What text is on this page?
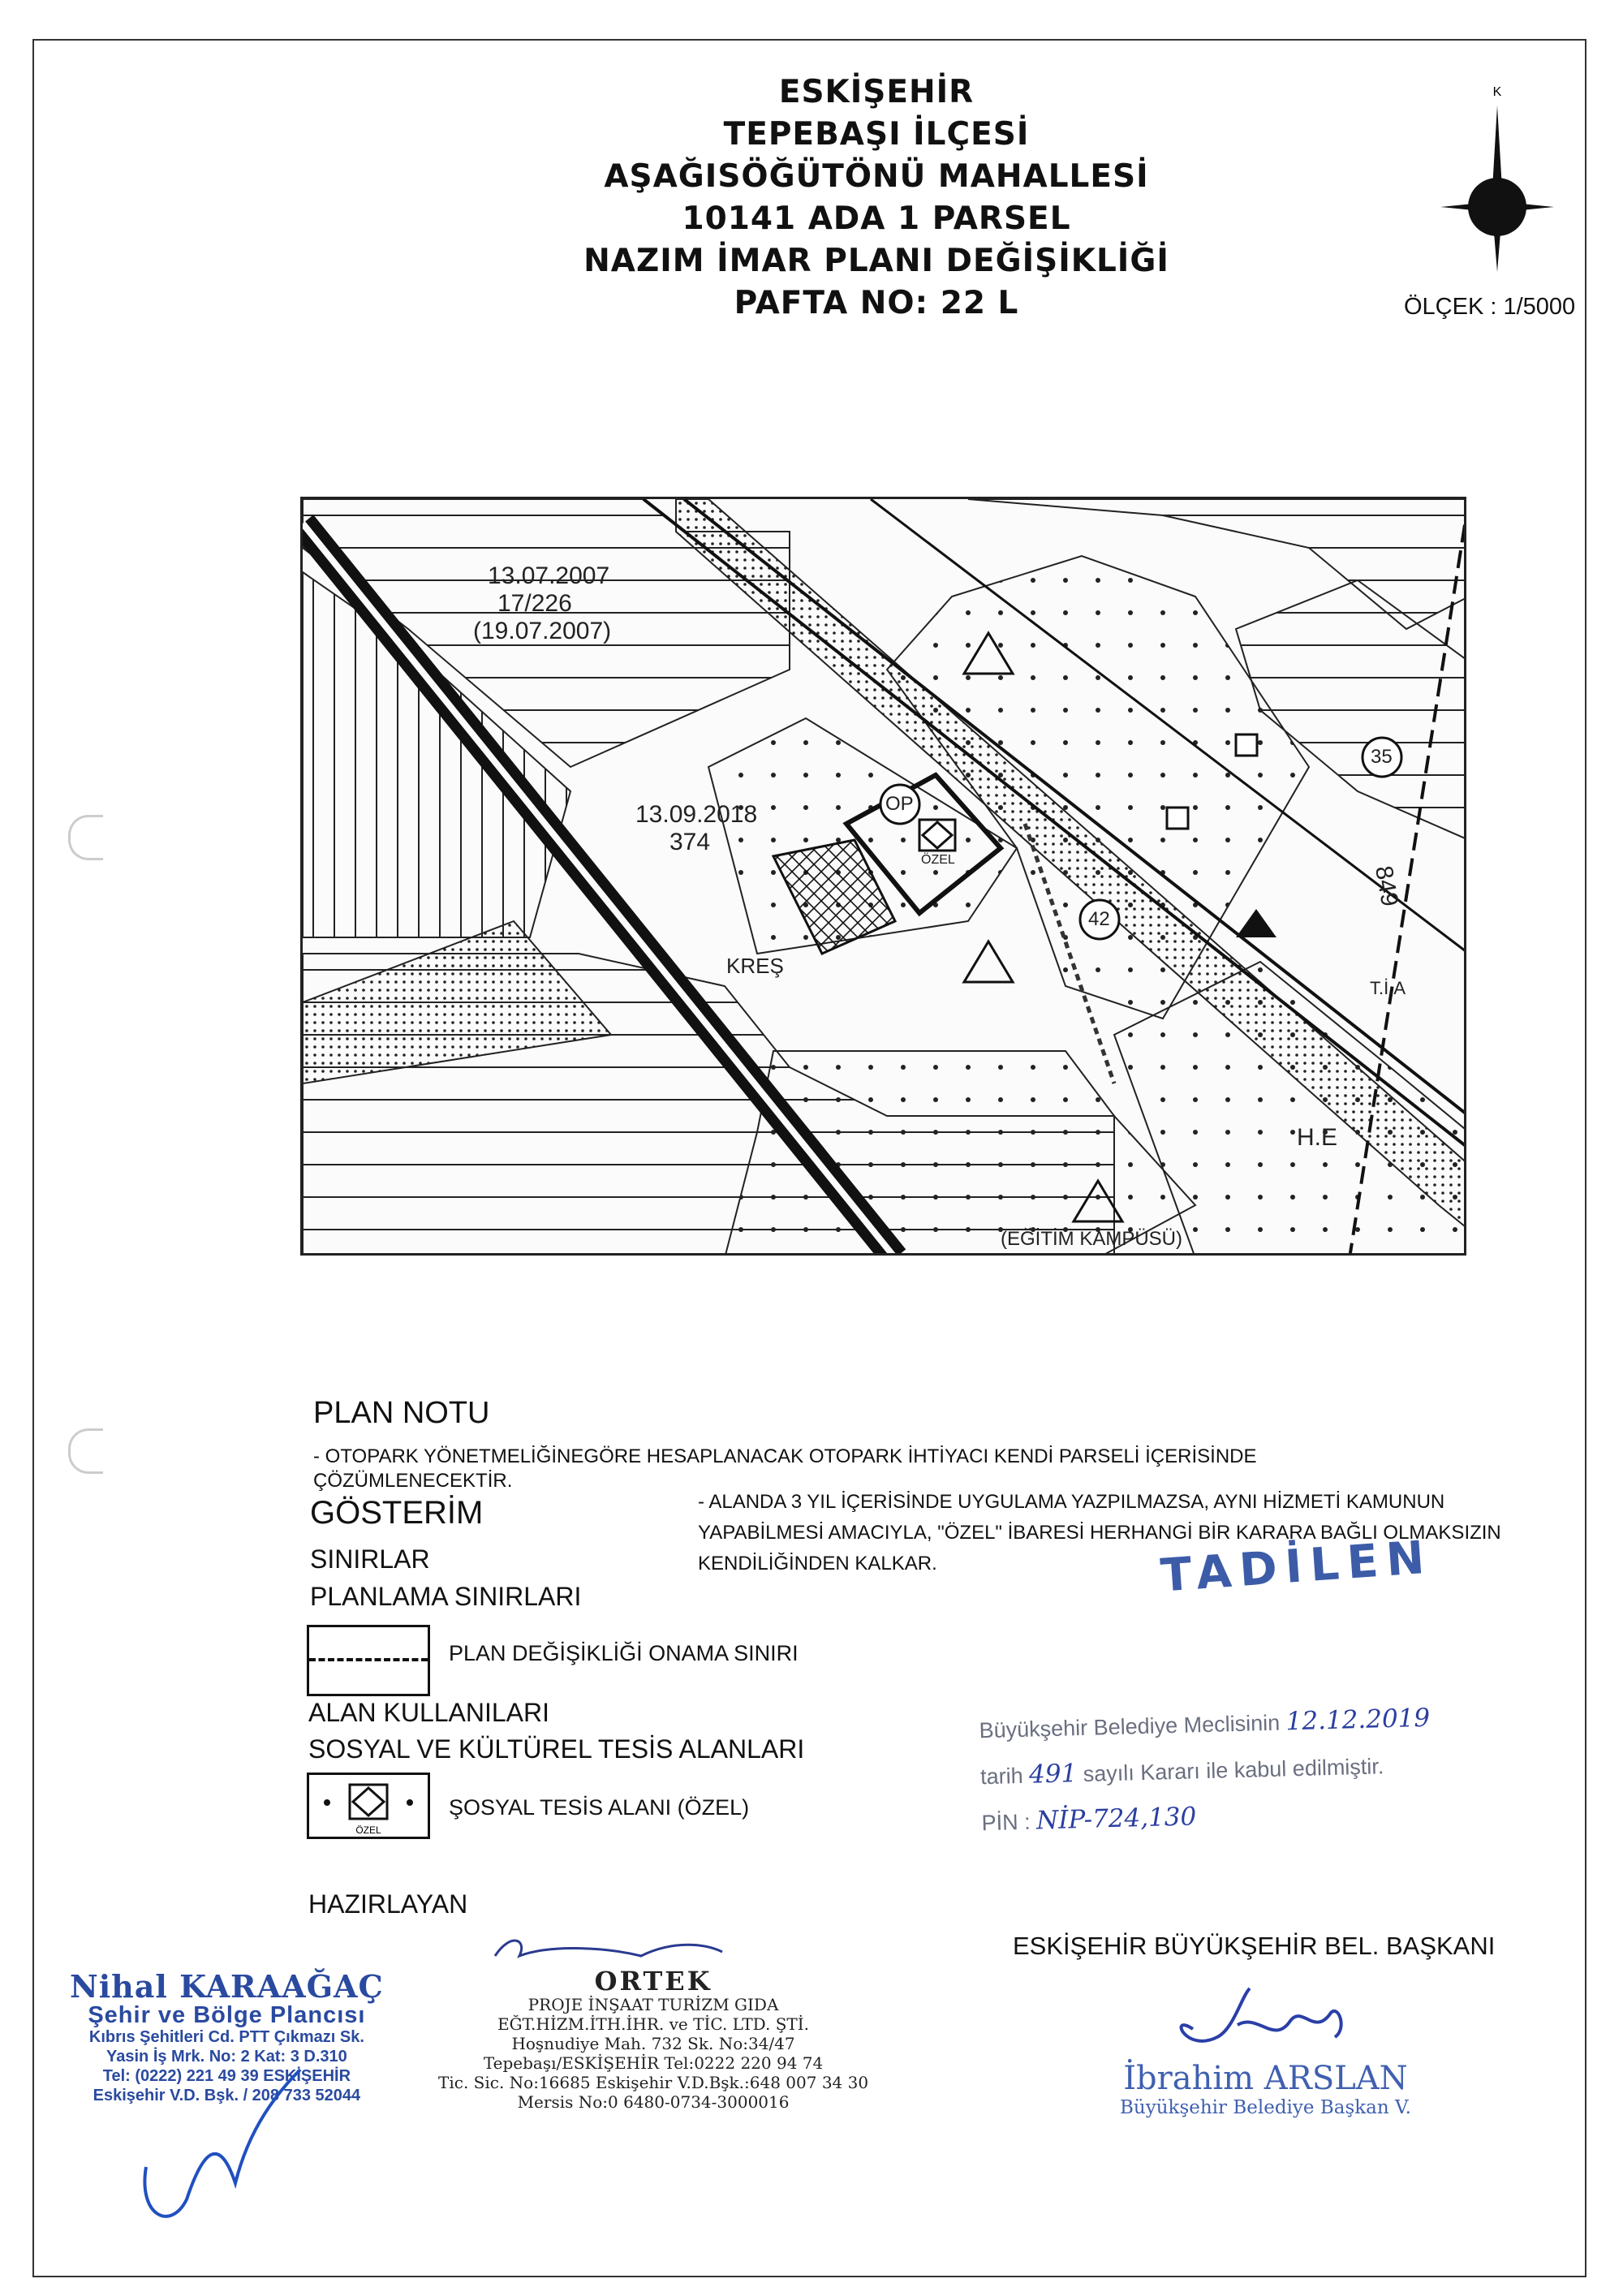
ESKİŞEHİR
TEPEBAŞI İLÇESİ
AŞAĞISÖĞÜTÖNÜ MAHALLESİ
10141 ADA 1 PARSEL
NAZIM İMAR PLANI DEĞİŞİKLİĞİ
PAFTA NO: 22 L
K
ÖLÇEK : 1/5000
13.07.2007
17/226
(19.07.2007)
13.09.2018
374
OP
ÖZEL
KREŞ
42
35
849
H.E
(EĞİTİM KAMPÜSÜ)
T.İ.A
PLAN NOTU
- OTOPARK YÖNETMELİĞİNEGÖRE HESAPLANACAK OTOPARK İHTİYACI KENDİ PARSELİ İÇERİSİNDE ÇÖZÜMLENECEKTİR.
GÖSTERİM	- ALANDA 3 YIL İÇERİSİNDE UYGULAMA YAZPILMAZSA, AYNI HİZMETİ KAMUNUN YAPABİLMESİ AMACIYLA, "ÖZEL" İBARESİ HERHANGİ BİR KARARA BAĞLI OLMAKSIZIN KENDİLİĞİNDEN KALKAR.
SINIRLAR
PLANLAMA SINIRLARI
PLAN DEĞİŞİKLİĞİ ONAMA SINIRI
ALAN KULLANILARI
SOSYAL VE KÜLTÜREL TESİS ALANLARI
ÖZEL
ŞOSYAL TESİS ALANI (ÖZEL)
HAZIRLAYAN
TADİLEN
Büyükşehir Belediye Meclisinin 12.12.2019
tarih 491 sayılı Kararı ile kabul edilmiştir.
PİN : NİP-724,130
ESKİŞEHİR BÜYÜKŞEHİR BEL. BAŞKANI
Nihal KARAAĞAÇ
Şehir ve Bölge Plancısı
Kıbrıs Şehitleri Cd. PTT Çıkmazı Sk.
Yasin İş Mrk. No: 2 Kat: 3 D.310
Tel: (0222) 221 49 39 ESKİŞEHİR
Eskişehir V.D. Bşk. / 208 733 52044
ORTEK
PROJE İNŞAAT TURİZM GIDA
EĞT.HİZM.İTH.İHR. ve TİC. LTD. ŞTİ.
Hoşnudiye Mah. 732 Sk. No:34/47
Tepebaşı/ESKİŞEHİR Tel:0222 220 94 74
Tic. Sic. No:16685 Eskişehir V.D.Bşk.:648 007 34 30
Mersis No:0 6480-0734-3000016
İbrahim ARSLAN
Büyükşehir Belediye Başkan V.
